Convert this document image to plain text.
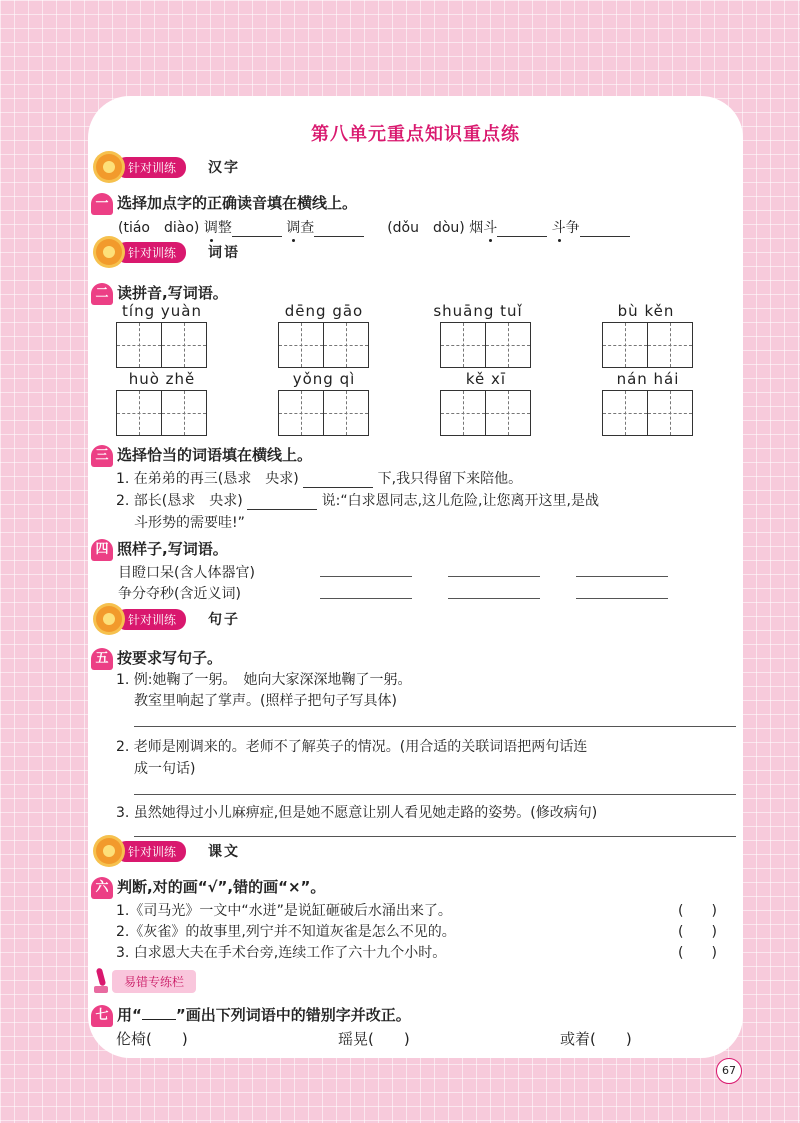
第八单元重点知识重点练
针对训练	汉字
一 选择加点字的正确读音填在横线上。
(tiáo　diào) 调整	调查	(dǒu　dòu) 烟斗	斗争
针对训练	词语
二 读拼音,写词语。
tíng yuàn	dēng gāo	shuāng tuǐ	bù kěn
huò zhě	yǒng qì	kě xī	nán hái
三 选择恰当的词语填在横线上。
1. 在弟弟的再三(恳求　央求)	下,我只得留下来陪他。
2. 部长(恳求　央求)	说:“白求恩同志,这儿危险,让您离开这里,是战
斗形势的需要哇!”
四 照样子,写词语。
目瞪口呆(含人体器官)
争分夺秒(含近义词)
针对训练	句子
五 按要求写句子。
1. 例:她鞠了一躬。　她向大家深深地鞠了一躬。
教室里响起了掌声。(照样子把句子写具体)
2. 老师是刚调来的。老师不了解英子的情况。(用合适的关联词语把两句话连
成一句话)
3. 虽然她得过小儿麻痹症,但是她不愿意让别人看见她走路的姿势。(修改病句)
针对训练	课文
六 判断,对的画“√”,错的画“×”。
1.《司马光》一文中“水迸”是说缸砸破后水涌出来了。	(　　)
2.《灰雀》的故事里,列宁并不知道灰雀是怎么不见的。	(　　)
3. 白求恩大夫在手术台旁,连续工作了六十九个小时。	(　　)
易错专练栏
七 用“ ”画出下列词语中的错别字并改正。
伦椅(　　)	瑶晃(　　)	或着(　　)
67
